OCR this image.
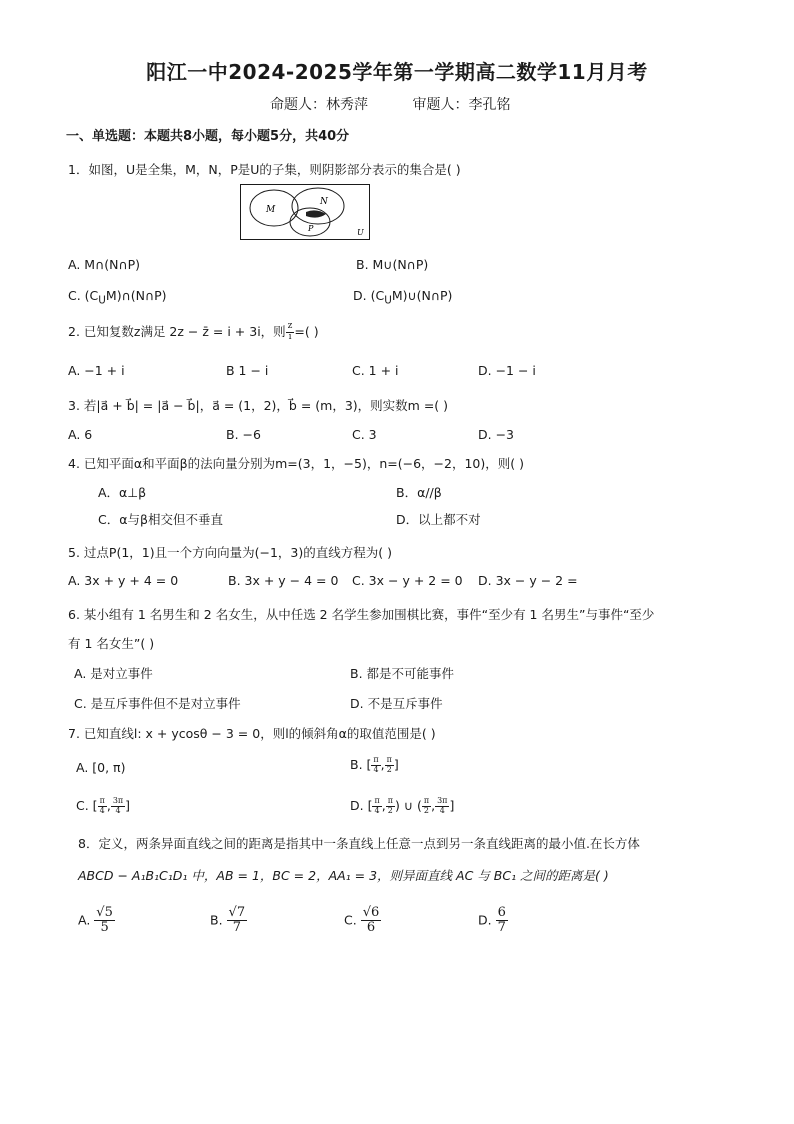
阳江一中2024-2025学年第一学期高二数学11月月考
命题人：林秀萍	审题人：李孔铭
一、单选题：本题共8小题，每小题5分，共40分
1．如图，U是全集，M，N，P是U的子集，则阴影部分表示的集合是( )
M
N
P	U
A. M∩(N∩P)	B. M∪(N∩P)
C. $(C_UM)\cap(N\cap P)$	D. $(C_UM)\cup(N\cap P)$
2. 已知复数z满足 2z − z̄ = i + 3i，则 $\frac{z}{i}$ =( )
A. −1 + i	B 1 − i	C. 1 + i	D. −1 − i
3. 若|a⃗ + b⃗| = |a⃗ − b⃗|，a⃗ = (1，2)，b⃗ = (m，3)，则实数m =( )
A. 6	B. −6	C. 3	D. −3
4. 已知平面α和平面β的法向量分别为m=(3，1，−5)，n=(−6，−2，10)，则( )
A．α⊥β	B．α//β
C．α与β相交但不垂直	D．以上都不对
5. 过点P(1，1)且一个方向向量为(−1，3)的直线方程为( )
A. 3x + y + 4 = 0	B. 3x + y − 4 = 0 C. 3x − y + 2 = 0 D. 3x − y − 2 =
6. 某小组有 1 名男生和 2 名女生，从中任选 2 名学生参加围棋比赛，事件“至少有 1 名男生”与事件“至少
有 1 名女生”( )
A. 是对立事件	B. 都是不可能事件
C. 是互斥事件但不是对立事件	D. 不是互斥事件
7. 已知直线l: x + ycosθ − 3 = 0，则l的倾斜角α的取值范围是( )
A. [0, π)	B. [ $\frac{\pi}{4}$ , $\frac{\pi}{2}$ ]
C. [ $\frac{\pi}{4}$ , $\frac{3\pi}{4}$ ]	D. [ $\frac{\pi}{4}$ , $\frac{\pi}{2}$ ) ∪ ( $\frac{\pi}{2}$ , $\frac{3\pi}{4}$ ]
8．定义，两条异面直线之间的距离是指其中一条直线上任意一点到另一条直线距离的最小值.在长方体
ABCD − A₁B₁C₁D₁ 中，AB = 1，BC = 2，AA₁ = 3，则异面直线 AC 与 BC₁ 之间的距离是( )
A. $\frac{√5}{5}$	B. $\frac{√7}{7}$	C. $\frac{√6}{6}$	D. $\frac{6}{7}$
